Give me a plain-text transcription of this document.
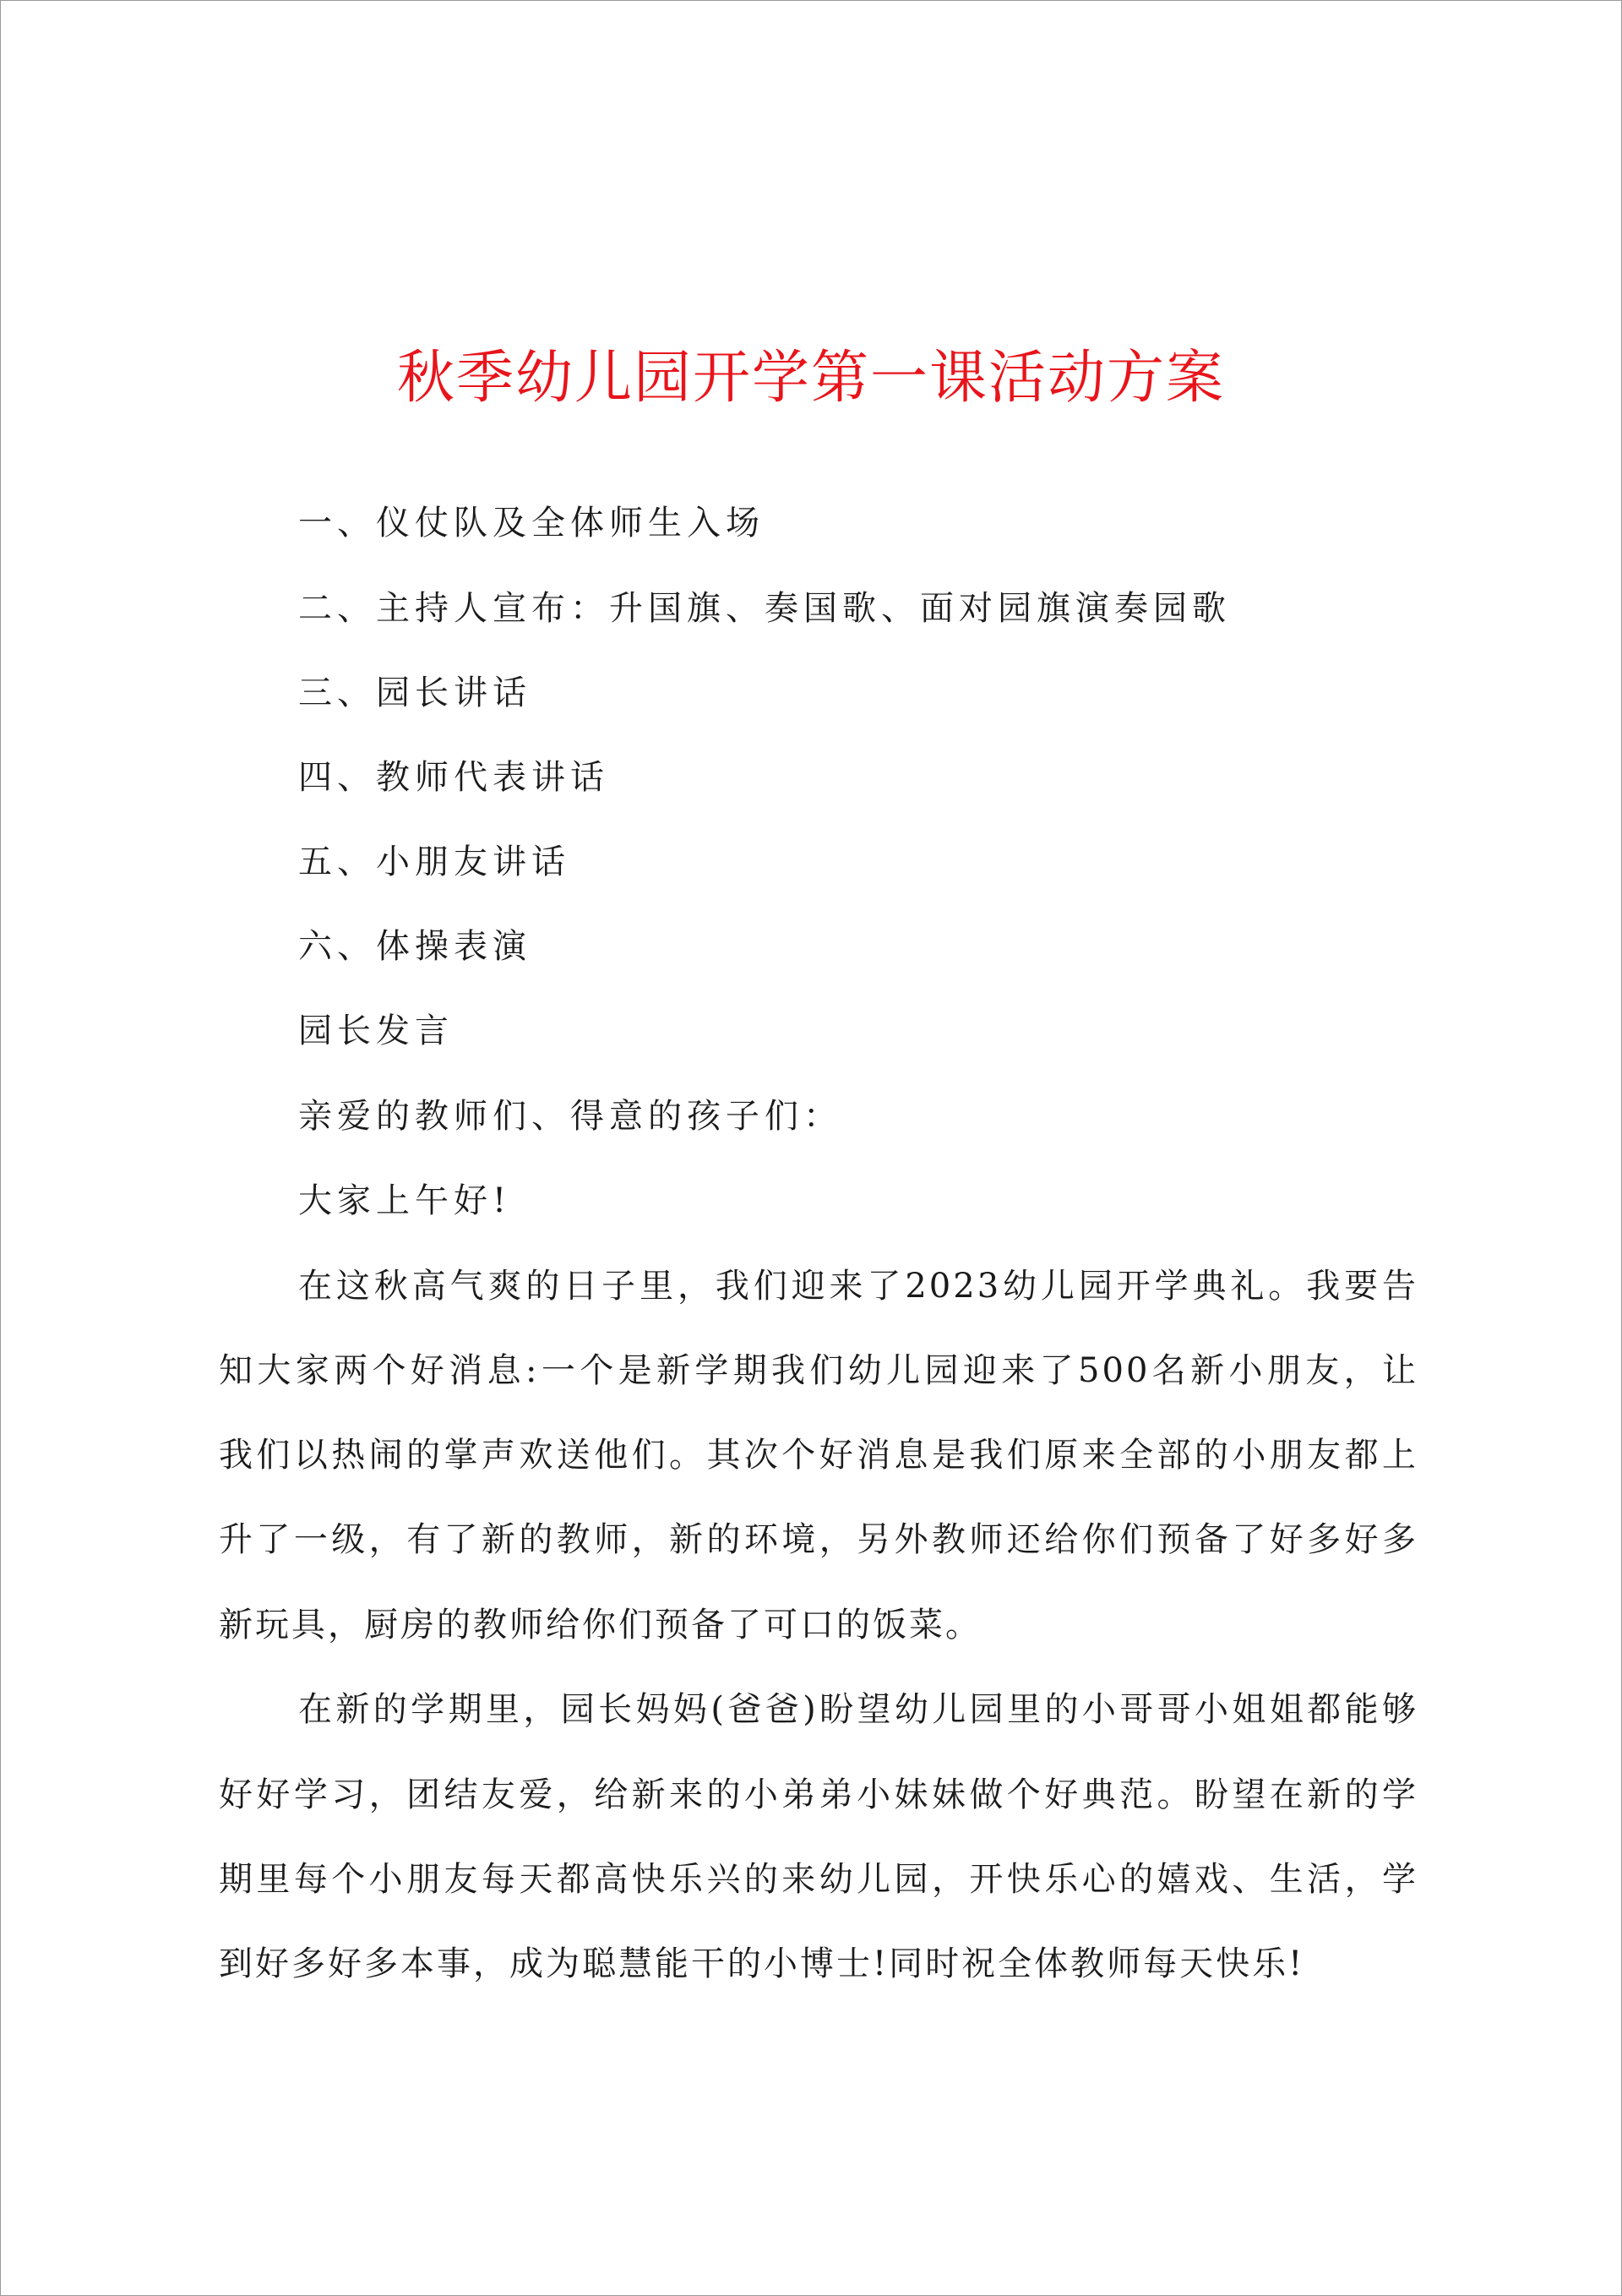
秋季幼儿园开学第一课活动方案
一、仪仗队及全体师生入场
二、主持人宣布：升国旗、奏国歌、面对园旗演奏园歌
三、园长讲话
四、教师代表讲话
五、小朋友讲话
六、体操表演
园长发言
亲爱的教师们、得意的孩子们：
大家上午好!
在这秋高气爽的日子里，我们迎来了2023幼儿园开学典礼。我要告
知大家两个好消息:一个是新学期我们幼儿园迎来了500名新小朋友，让
我们以热闹的掌声欢送他们。其次个好消息是我们原来全部的小朋友都上
升了一级，有了新的教师，新的环境，另外教师还给你们预备了好多好多
新玩具，厨房的教师给你们预备了可口的饭菜。
在新的学期里，园长妈妈(爸爸)盼望幼儿园里的小哥哥小姐姐都能够
好好学习，团结友爱，给新来的小弟弟小妹妹做个好典范。盼望在新的学
期里每个小朋友每天都高快乐兴的来幼儿园，开快乐心的嬉戏、生活，学
到好多好多本事，成为聪慧能干的小博士!同时祝全体教师每天快乐!
